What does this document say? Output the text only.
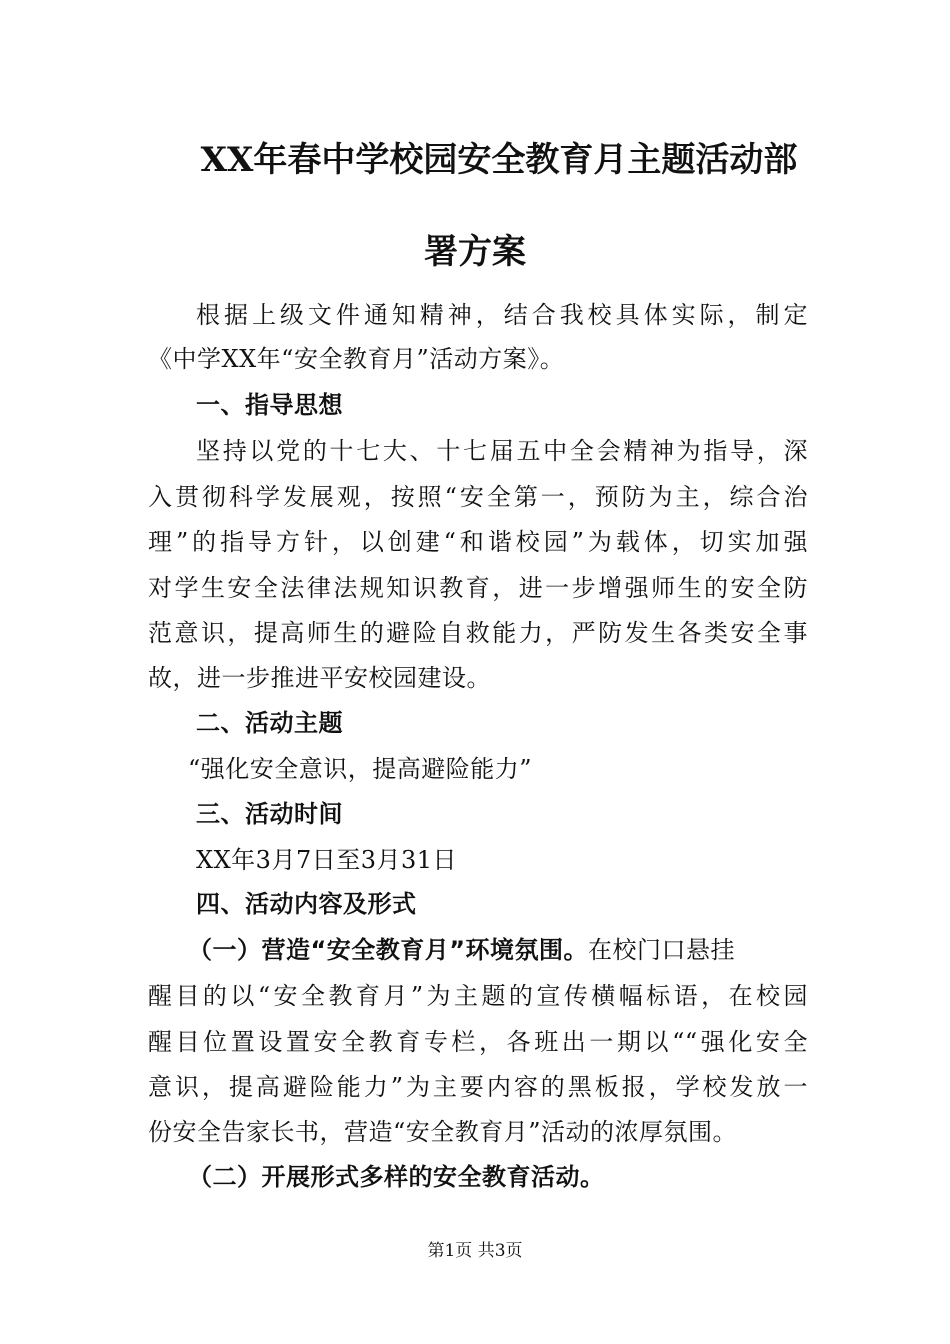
XX年春中学校园安全教育月主题活动部
署方案
根据上级文件通知精神，结合我校具体实际，制定
《中学XX年“安全教育月”活动方案》。
一、指导思想
坚持以党的十七大、十七届五中全会精神为指导，深
入贯彻科学发展观，按照“安全第一，预防为主，综合治
理”的指导方针，以创建“和谐校园”为载体，切实加强
对学生安全法律法规知识教育，进一步增强师生的安全防
范意识，提高师生的避险自救能力，严防发生各类安全事
故，进一步推进平安校园建设。
二、活动主题
“强化安全意识，提高避险能力”
三、活动时间
XX年3月7日至3月31日
四、活动内容及形式
（一）营造“安全教育月”环境氛围。在校门口悬挂
醒目的以“安全教育月”为主题的宣传横幅标语，在校园
醒目位置设置安全教育专栏，各班出一期以““强化安全
意识，提高避险能力”为主要内容的黑板报，学校发放一
份安全告家长书，营造“安全教育月”活动的浓厚氛围。
（二）开展形式多样的安全教育活动。
第1页 共3页
